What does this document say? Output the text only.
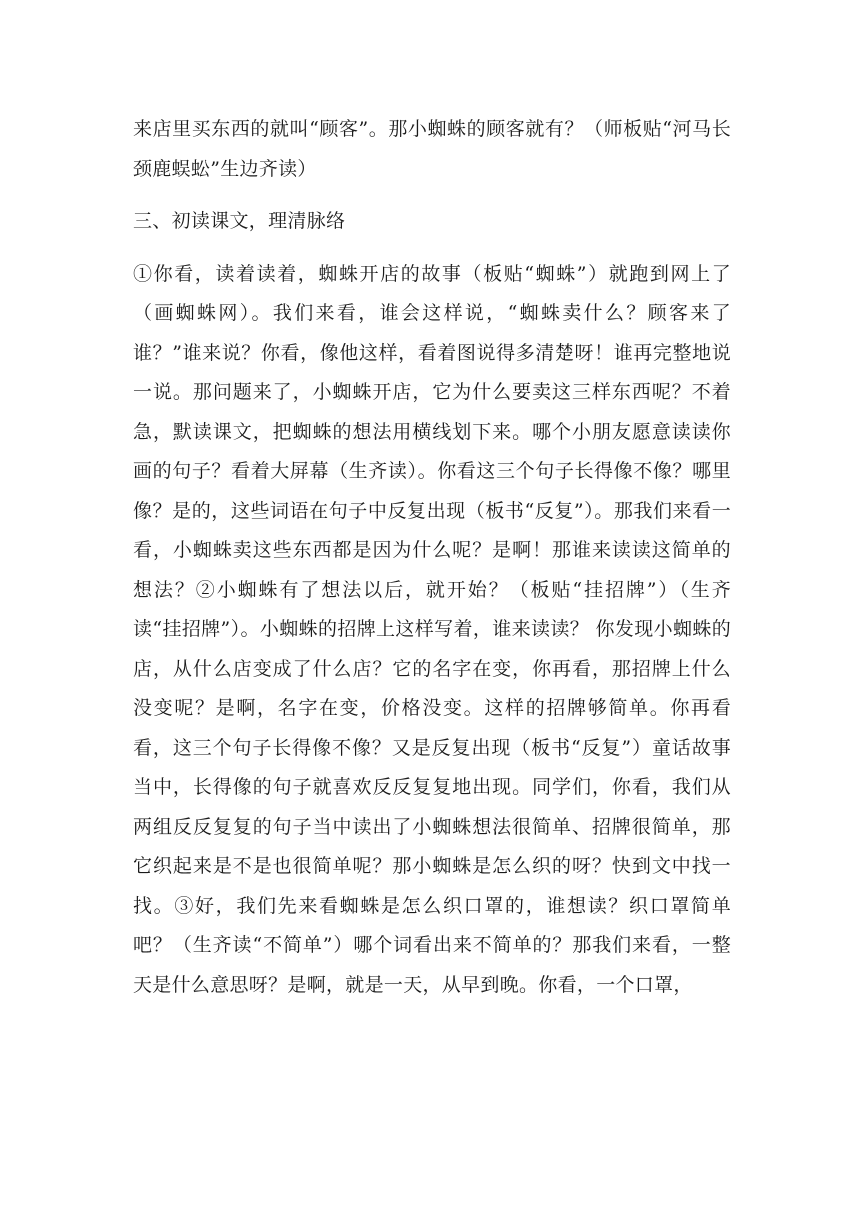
来店里买东西的就叫“顾客”。那小蜘蛛的顾客就有？（师板贴“河马长颈鹿蜈蚣”生边齐读）

三、初读课文，理清脉络

①你看，读着读着，蜘蛛开店的故事（板贴“蜘蛛”）就跑到网上了（画蜘蛛网）。我们来看，谁会这样说，“蜘蛛卖什么？顾客来了谁？”谁来说？你看，像他这样，看着图说得多清楚呀！谁再完整地说一说。那问题来了，小蜘蛛开店，它为什么要卖这三样东西呢？不着急，默读课文，把蜘蛛的想法用横线划下来。哪个小朋友愿意读读你画的句子？看着大屏幕（生齐读）。你看这三个句子长得像不像？哪里像？是的，这些词语在句子中反复出现（板书“反复”）。那我们来看一看，小蜘蛛卖这些东西都是因为什么呢？是啊！那谁来读读这简单的想法？②小蜘蛛有了想法以后，就开始？（板贴“挂招牌”）（生齐读“挂招牌”）。小蜘蛛的招牌上这样写着，谁来读读？ 你发现小蜘蛛的店，从什么店变成了什么店？它的名字在变，你再看，那招牌上什么没变呢？是啊，名字在变，价格没变。这样的招牌够简单。你再看看，这三个句子长得像不像？又是反复出现（板书“反复”）童话故事当中，长得像的句子就喜欢反反复复地出现。同学们，你看，我们从两组反反复复的句子当中读出了小蜘蛛想法很简单、招牌很简单，那它织起来是不是也很简单呢？那小蜘蛛是怎么织的呀？快到文中找一找。③好，我们先来看蜘蛛是怎么织口罩的，谁想读？织口罩简单吧？（生齐读“不简单”）哪个词看出来不简单的？那我们来看，一整天是什么意思呀？是啊，就是一天，从早到晚。你看，一个口罩，
